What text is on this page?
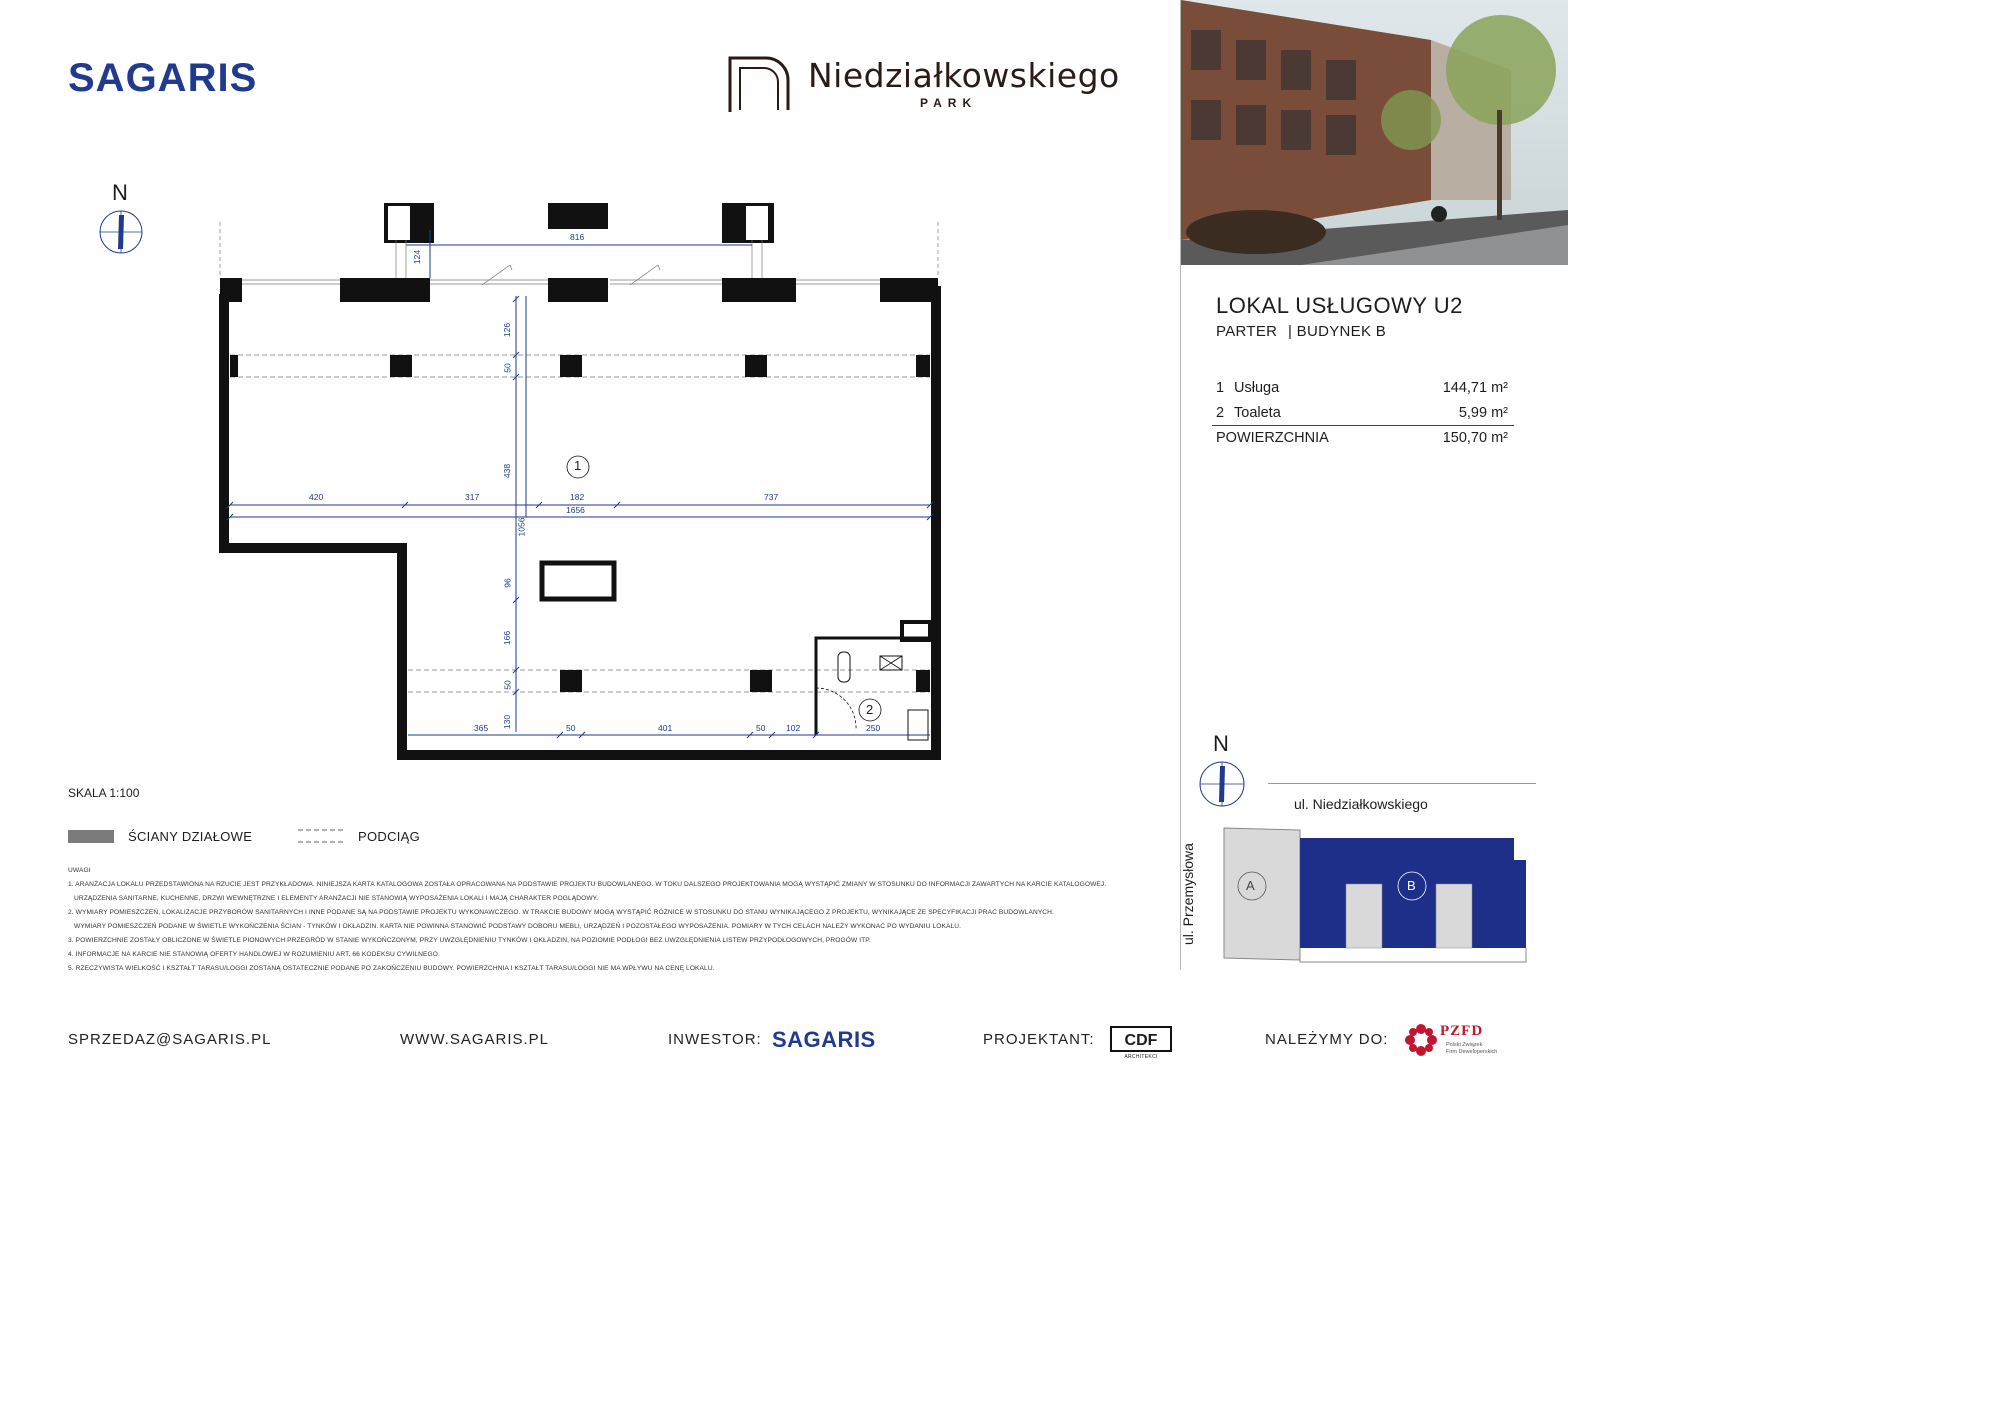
SAGARIS	Niedziałkowskiego
PARK
N
816
124
126
50
438
1056
96
166
50
130
420	317	182	737
1656
365	50	401	50 102	250
1
2
LOKAL USŁUGOWY U2
PARTER | BUDYNEK B
1 Usługa	144,71 m²
2 Toaleta	5,99 m²
POWIERZCHNIA	150,70 m²
N
ul. Niedziałkowskiego
ul. Przemysłowa	A	B
SKALA 1:100
ŚCIANY DZIAŁOWE	PODCIĄG
UWAGI
1. ARANŻACJA LOKALU PRZEDSTAWIONA NA RZUCIE JEST PRZYKŁADOWA. NINIEJSZA KARTA KATALOGOWA ZOSTAŁA OPRACOWANA NA PODSTAWIE PROJEKTU BUDOWLANEGO. W TOKU DALSZEGO PROJEKTOWANIA MOGĄ WYSTĄPIĆ ZMIANY W STOSUNKU DO INFORMACJI ZAWARTYCH NA KARCIE KATALOGOWEJ.
URZĄDZENIA SANITARNE, KUCHENNE, DRZWI WEWNĘTRZNE I ELEMENTY ARANŻACJI NIE STANOWIĄ WYPOSAŻENIA LOKALI I MAJĄ CHARAKTER POGLĄDOWY.
2. WYMIARY POMIESZCZEŃ, LOKALIZACJE PRZYBORÓW SANITARNYCH I INNE PODANE SĄ NA PODSTAWIE PROJEKTU WYKONAWCZEGO. W TRAKCIE BUDOWY MOGĄ WYSTĄPIĆ RÓŻNICE W STOSUNKU DO STANU WYNIKAJĄCEGO Z PROJEKTU, WYNIKAJĄCE ZE SPECYFIKACJI PRAC BUDOWLANYCH.
WYMIARY POMIESZCZEŃ PODANE W ŚWIETLE WYKOŃCZENIA ŚCIAN - TYNKÓW I OKŁADZIN. KARTA NIE POWINNA STANOWIĆ PODSTAWY DOBORU MEBLI, URZĄDZEŃ I POZOSTAŁEGO WYPOSAŻENIA. POMIARY W TYCH CELACH NALEŻY WYKONAĆ PO WYDANIU LOKALU.
3. POWIERZCHNIE ZOSTAŁY OBLICZONE W ŚWIETLE PIONOWYCH PRZEGRÓD W STANIE WYKOŃCZONYM, PRZY UWZGLĘDNIENIU TYNKÓW I OKŁADZIN, NA POZIOMIE PODŁOGI BEZ UWZGLĘDNIENIA LISTEW PRZYPODŁOGOWYCH, PROGÓW ITP.
4. INFORMACJE NA KARCIE NIE STANOWIĄ OFERTY HANDLOWEJ W ROZUMIENIU ART. 66 KODEKSU CYWILNEGO.
5. RZECZYWISTA WIELKOŚĆ I KSZTAŁT TARASU/LOGGI ZOSTANĄ OSTATECZNIE PODANE PO ZAKOŃCZENIU BUDOWY. POWIERZCHNIA I KSZTAŁT TARASU/LOGGI NIE MA WPŁYWU NA CENĘ LOKALU.
SPRZEDAZ@SAGARIS.PL	WWW.SAGARIS.PL	INWESTOR: SAGARIS	PROJEKTANT:	CDF
ARCHITEKCI
NALEŻYMY DO:	PZFD
Polski Związek
Firm Deweloperskich
